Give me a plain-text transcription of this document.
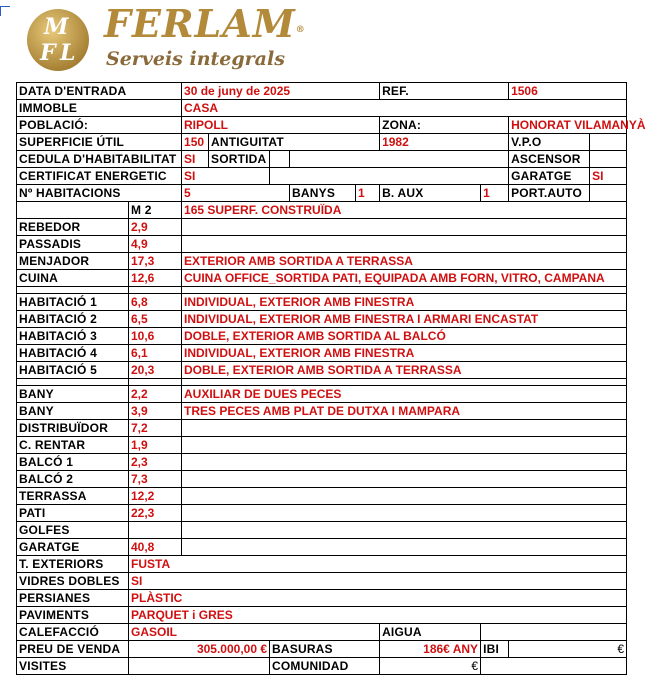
M
F L
FERLAM®
Serveis integrals
DATA D'ENTRADA		30 de juny de 2025					REF.		1506	
IMMOBLE		CASA								
POBLACIÓ:		RIPOLL					ZONA:		HONORAT VILAMANYÀ	
SUPERFICIE ÚTIL		150	ANTIGUITAT				1982		V.P.O	
CEDULA D'HABITABILITAT		SI	SORTIDA						ASCENSOR	
CERTIFICAT ENERGETIC		SI							GARATGE	SI
Nº HABITACIONS		5			BANYS	1	B. AUX	1	PORT.AUTO	
	M 2	165 SUPERF. CONSTRUÏDA								
REBEDOR	2,9									
PASSADIS	4,9									
MENJADOR	17,3	EXTERIOR AMB SORTIDA A TERRASSA								
CUINA	12,6	CUINA OFFICE_SORTIDA PATI, EQUIPADA AMB FORN, VITRO, CAMPANA								

HABITACIÓ 1	6,8	INDIVIDUAL, EXTERIOR AMB FINESTRA								
HABITACIÓ 2	6,5	INDIVIDUAL, EXTERIOR AMB FINESTRA I ARMARI ENCASTAT								
HABITACIÓ 3	10,6	DOBLE, EXTERIOR AMB SORTIDA AL BALCÓ								
HABITACIÓ 4	6,1	INDIVIDUAL, EXTERIOR AMB FINESTRA								
HABITACIÓ 5	20,3	DOBLE, EXTERIOR AMB SORTIDA A TERRASSA								

BANY	2,2	AUXILIAR DE DUES PECES								
BANY	3,9	TRES PECES AMB PLAT DE DUTXA I MAMPARA								
DISTRIBUÏDOR	7,2									
C. RENTAR	1,9									
BALCÓ 1	2,3									
BALCÓ 2	7,3									
TERRASSA	12,2									
PATI	22,3									
GOLFES										
GARATGE	40,8									
T. EXTERIORS	FUSTA									
VIDRES DOBLES	SI									
PERSIANES	PLÀSTIC									
PAVIMENTS	PARQUET i GRES									
CALEFACCIÓ	GASOIL						AIGUA			
PREU DE VENDA	305.000,00 €			BASURAS			186€ ANY	IBI	€	
VISITES				COMUNIDAD			€			
